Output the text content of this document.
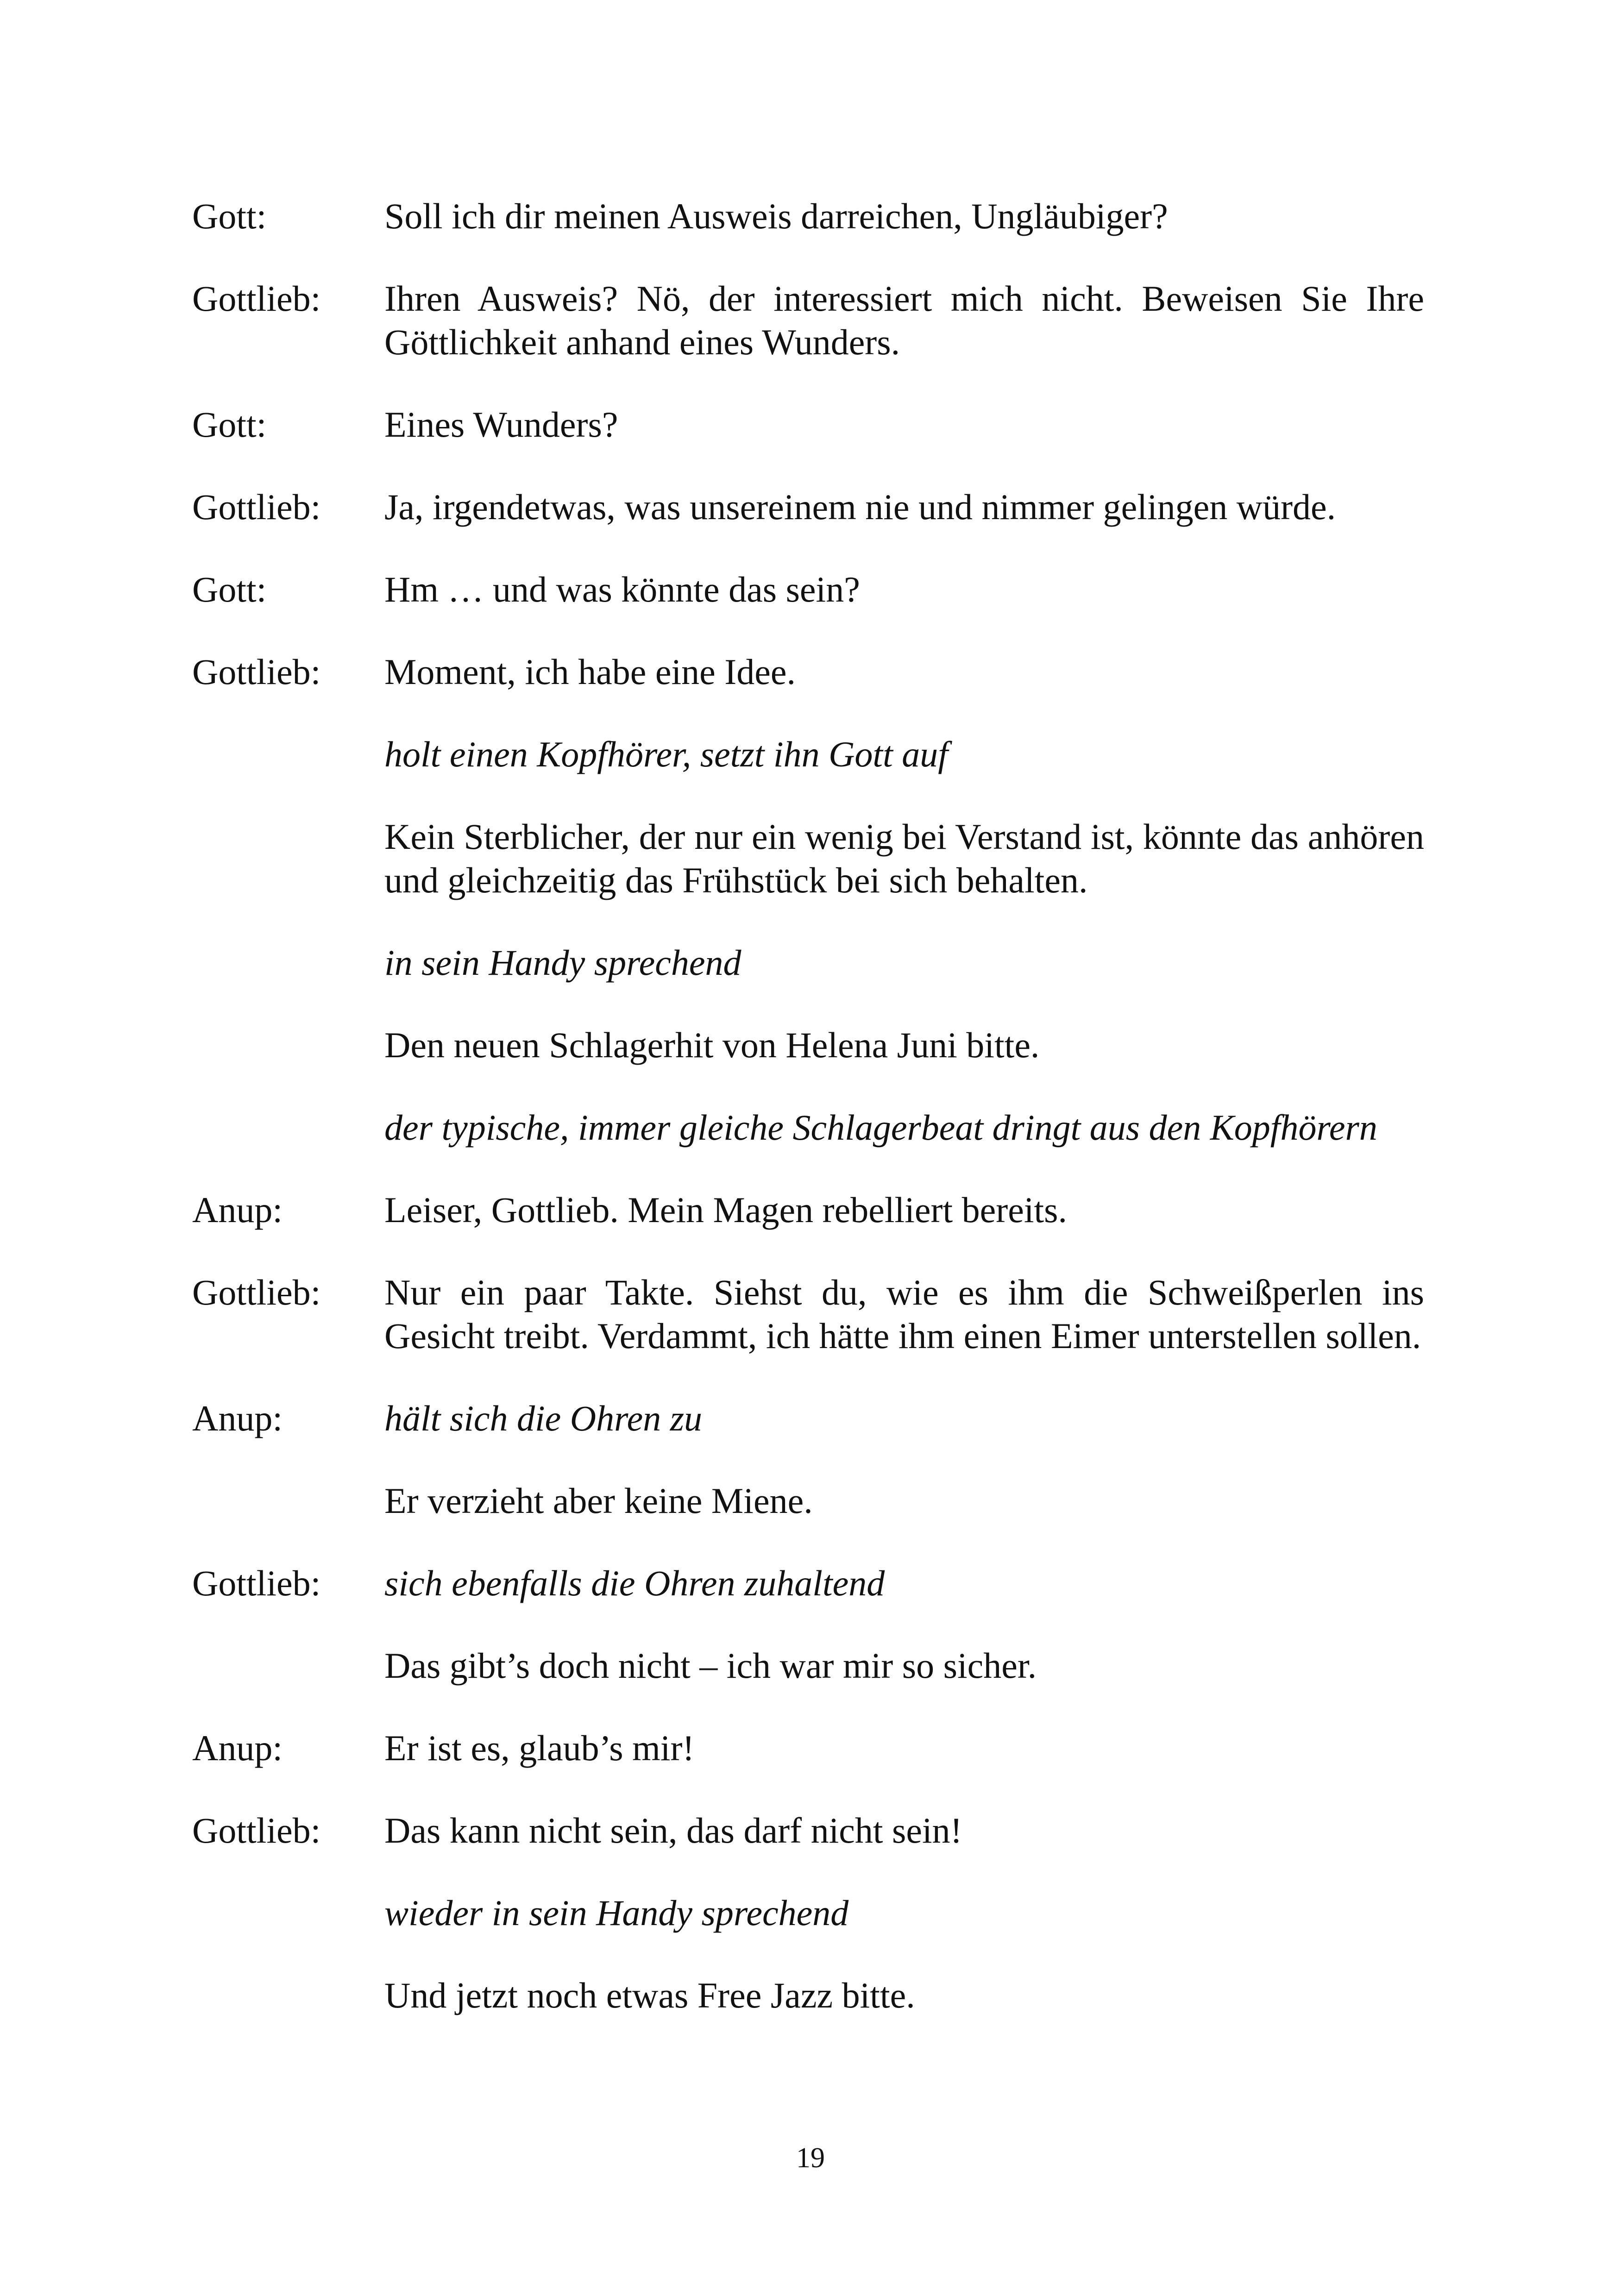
Gott:	Soll ich dir meinen Ausweis darreichen, Ungläubiger?

Gottlieb:	Ihren Ausweis? Nö, der interessiert mich nicht. Beweisen Sie Ihre Göttlichkeit anhand eines Wunders.

Gott:	Eines Wunders?

Gottlieb:	Ja, irgendetwas, was unsereinem nie und nimmer gelingen würde.

Gott:	Hm … und was könnte das sein?

Gottlieb:	Moment, ich habe eine Idee.

holt einen Kopfhörer, setzt ihn Gott auf

Kein Sterblicher, der nur ein wenig bei Verstand ist, könnte das anhören und gleichzeitig das Frühstück bei sich behalten.

in sein Handy sprechend

Den neuen Schlagerhit von Helena Juni bitte.

der typische, immer gleiche Schlagerbeat dringt aus den Kopfhörern

Anup:	Leiser, Gottlieb. Mein Magen rebelliert bereits.

Gottlieb:	Nur ein paar Takte. Siehst du, wie es ihm die Schweißperlen ins Gesicht treibt. Verdammt, ich hätte ihm einen Eimer unterstellen sollen.

Anup:	hält sich die Ohren zu

Er verzieht aber keine Miene.

Gottlieb:	sich ebenfalls die Ohren zuhaltend

Das gibt’s doch nicht – ich war mir so sicher.

Anup:	Er ist es, glaub’s mir!

Gottlieb:	Das kann nicht sein, das darf nicht sein!

wieder in sein Handy sprechend

Und jetzt noch etwas Free Jazz bitte.

19
